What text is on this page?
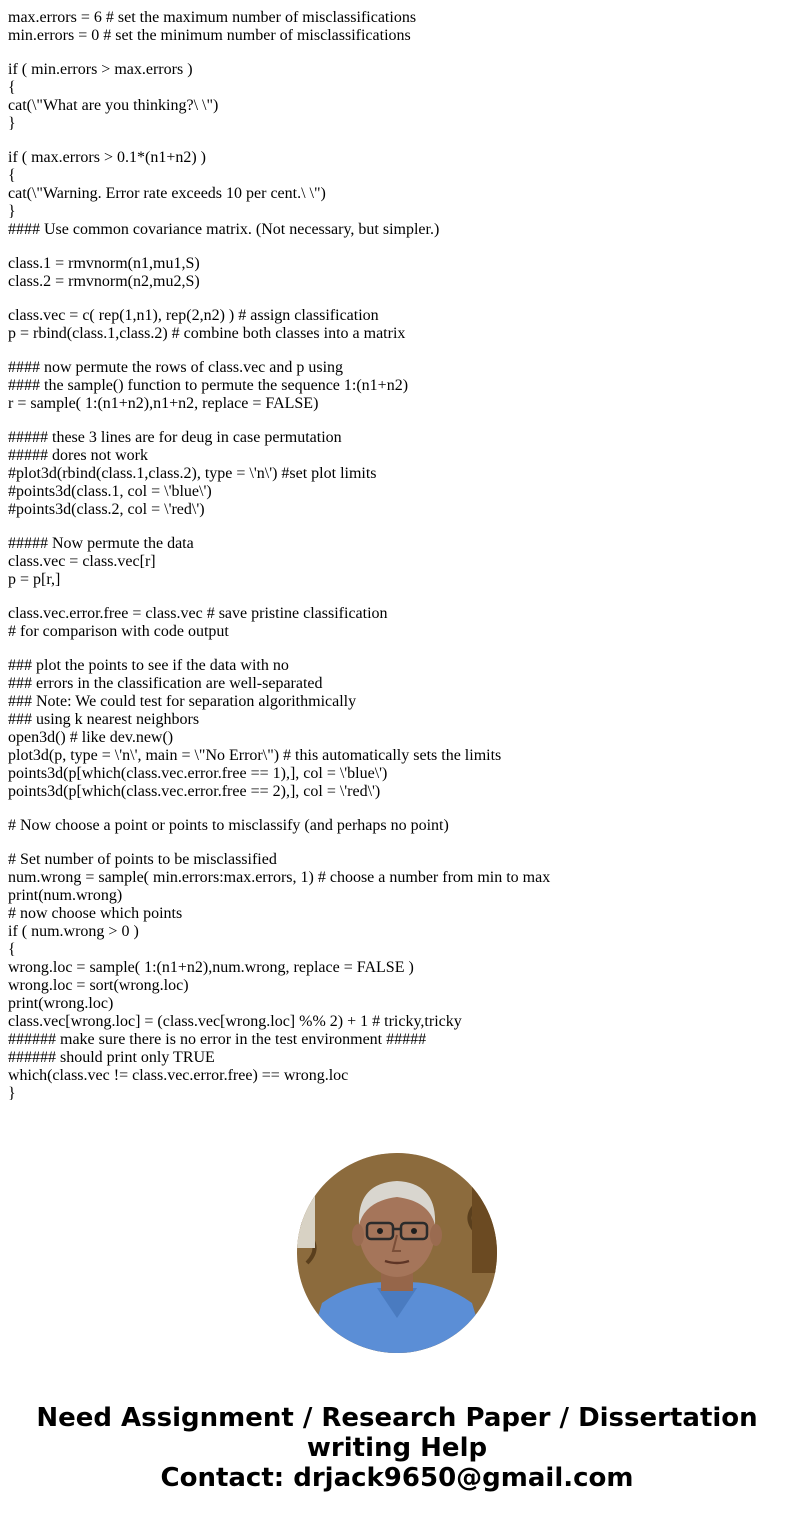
max.errors = 6 # set the maximum number of misclassifications
min.errors = 0 # set the minimum number of misclassifications
if ( min.errors > max.errors )
{
cat(\"What are you thinking?\ \")
}
if ( max.errors > 0.1*(n1+n2) )
{
cat(\"Warning. Error rate exceeds 10 per cent.\ \")
}
#### Use common covariance matrix. (Not necessary, but simpler.)
class.1 = rmvnorm(n1,mu1,S)
class.2 = rmvnorm(n2,mu2,S)
class.vec = c( rep(1,n1), rep(2,n2) ) # assign classification
p = rbind(class.1,class.2) # combine both classes into a matrix
#### now permute the rows of class.vec and p using
#### the sample() function to permute the sequence 1:(n1+n2)
r = sample( 1:(n1+n2),n1+n2, replace = FALSE)
##### these 3 lines are for deug in case permutation
##### dores not work
#plot3d(rbind(class.1,class.2), type = \'n\') #set plot limits
#points3d(class.1, col = \'blue\')
#points3d(class.2, col = \'red\')
##### Now permute the data
class.vec = class.vec[r]
p = p[r,]
class.vec.error.free = class.vec # save pristine classification
# for comparison with code output
### plot the points to see if the data with no
### errors in the classification are well-separated
### Note: We could test for separation algorithmically
### using k nearest neighbors
open3d() # like dev.new()
plot3d(p, type = \'n\', main = \"No Error\") # this automatically sets the limits
points3d(p[which(class.vec.error.free == 1),], col = \'blue\')
points3d(p[which(class.vec.error.free == 2),], col = \'red\')
# Now choose a point or points to misclassify (and perhaps no point)
# Set number of points to be misclassified
num.wrong = sample( min.errors:max.errors, 1) # choose a number from min to max
print(num.wrong)
# now choose which points
if ( num.wrong > 0 )
{
wrong.loc = sample( 1:(n1+n2),num.wrong, replace = FALSE )
wrong.loc = sort(wrong.loc)
print(wrong.loc)
class.vec[wrong.loc] = (class.vec[wrong.loc] %% 2) + 1 # tricky,tricky
###### make sure there is no error in the test environment #####
###### should print only TRUE
which(class.vec != class.vec.error.free) == wrong.loc
}
Need Assignment / Research Paper / Dissertation
writing Help
Contact: drjack9650@gmail.com
